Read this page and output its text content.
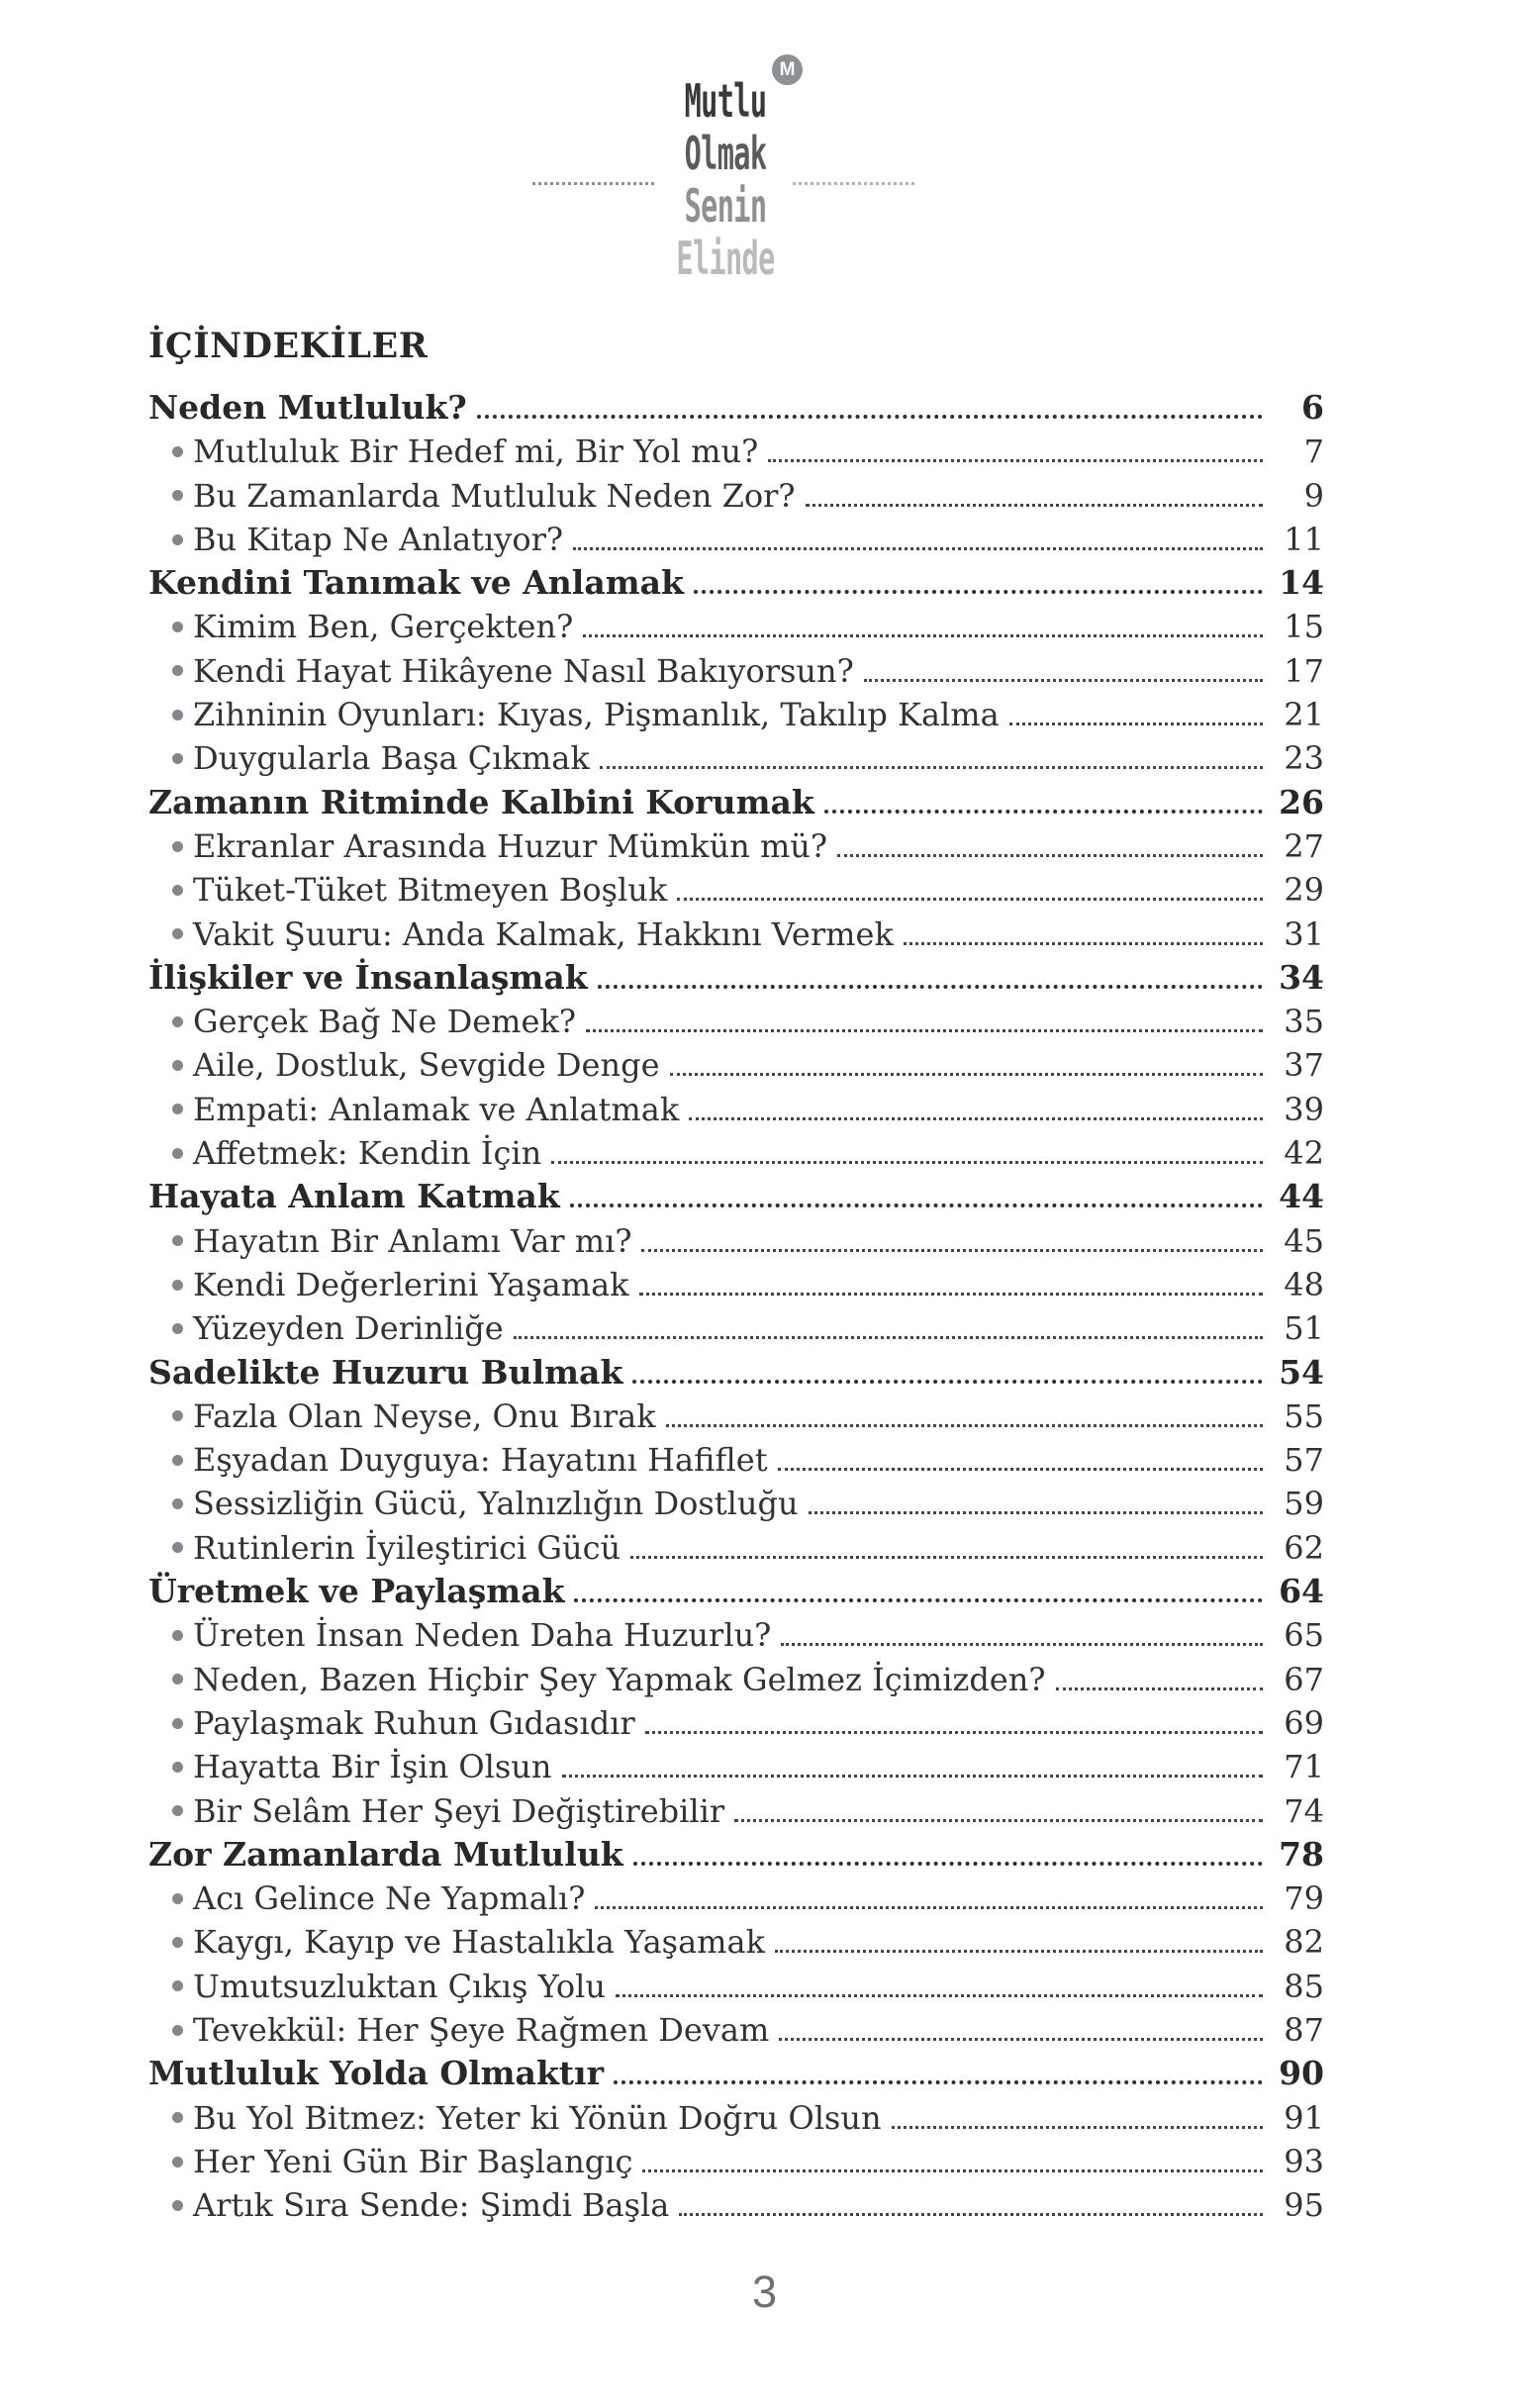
M
Mutlu
Olmak
Senin
Elinde
İÇİNDEKİLER
Neden Mutluluk?	6
Mutluluk Bir Hedef mi, Bir Yol mu?	7
Bu Zamanlarda Mutluluk Neden Zor?	9
Bu Kitap Ne Anlatıyor?	11
Kendini Tanımak ve Anlamak	14
Kimim Ben, Gerçekten?	15
Kendi Hayat Hikâyene Nasıl Bakıyorsun?	17
Zihninin Oyunları: Kıyas, Pişmanlık, Takılıp Kalma	21
Duygularla Başa Çıkmak	23
Zamanın Ritminde Kalbini Korumak	26
Ekranlar Arasında Huzur Mümkün mü?	27
Tüket-Tüket Bitmeyen Boşluk	29
Vakit Şuuru: Anda Kalmak, Hakkını Vermek	31
İlişkiler ve İnsanlaşmak	34
Gerçek Bağ Ne Demek?	35
Aile, Dostluk, Sevgide Denge	37
Empati: Anlamak ve Anlatmak	39
Affetmek: Kendin İçin	42
Hayata Anlam Katmak	44
Hayatın Bir Anlamı Var mı?	45
Kendi Değerlerini Yaşamak	48
Yüzeyden Derinliğe	51
Sadelikte Huzuru Bulmak	54
Fazla Olan Neyse, Onu Bırak	55
Eşyadan Duyguya: Hayatını Hafiflet	57
Sessizliğin Gücü, Yalnızlığın Dostluğu	59
Rutinlerin İyileştirici Gücü	62
Üretmek ve Paylaşmak	64
Üreten İnsan Neden Daha Huzurlu?	65
Neden, Bazen Hiçbir Şey Yapmak Gelmez İçimizden?	67
Paylaşmak Ruhun Gıdasıdır	69
Hayatta Bir İşin Olsun	71
Bir Selâm Her Şeyi Değiştirebilir	74
Zor Zamanlarda Mutluluk	78
Acı Gelince Ne Yapmalı?	79
Kaygı, Kayıp ve Hastalıkla Yaşamak	82
Umutsuzluktan Çıkış Yolu	85
Tevekkül: Her Şeye Rağmen Devam	87
Mutluluk Yolda Olmaktır	90
Bu Yol Bitmez: Yeter ki Yönün Doğru Olsun	91
Her Yeni Gün Bir Başlangıç	93
Artık Sıra Sende: Şimdi Başla	95
3
